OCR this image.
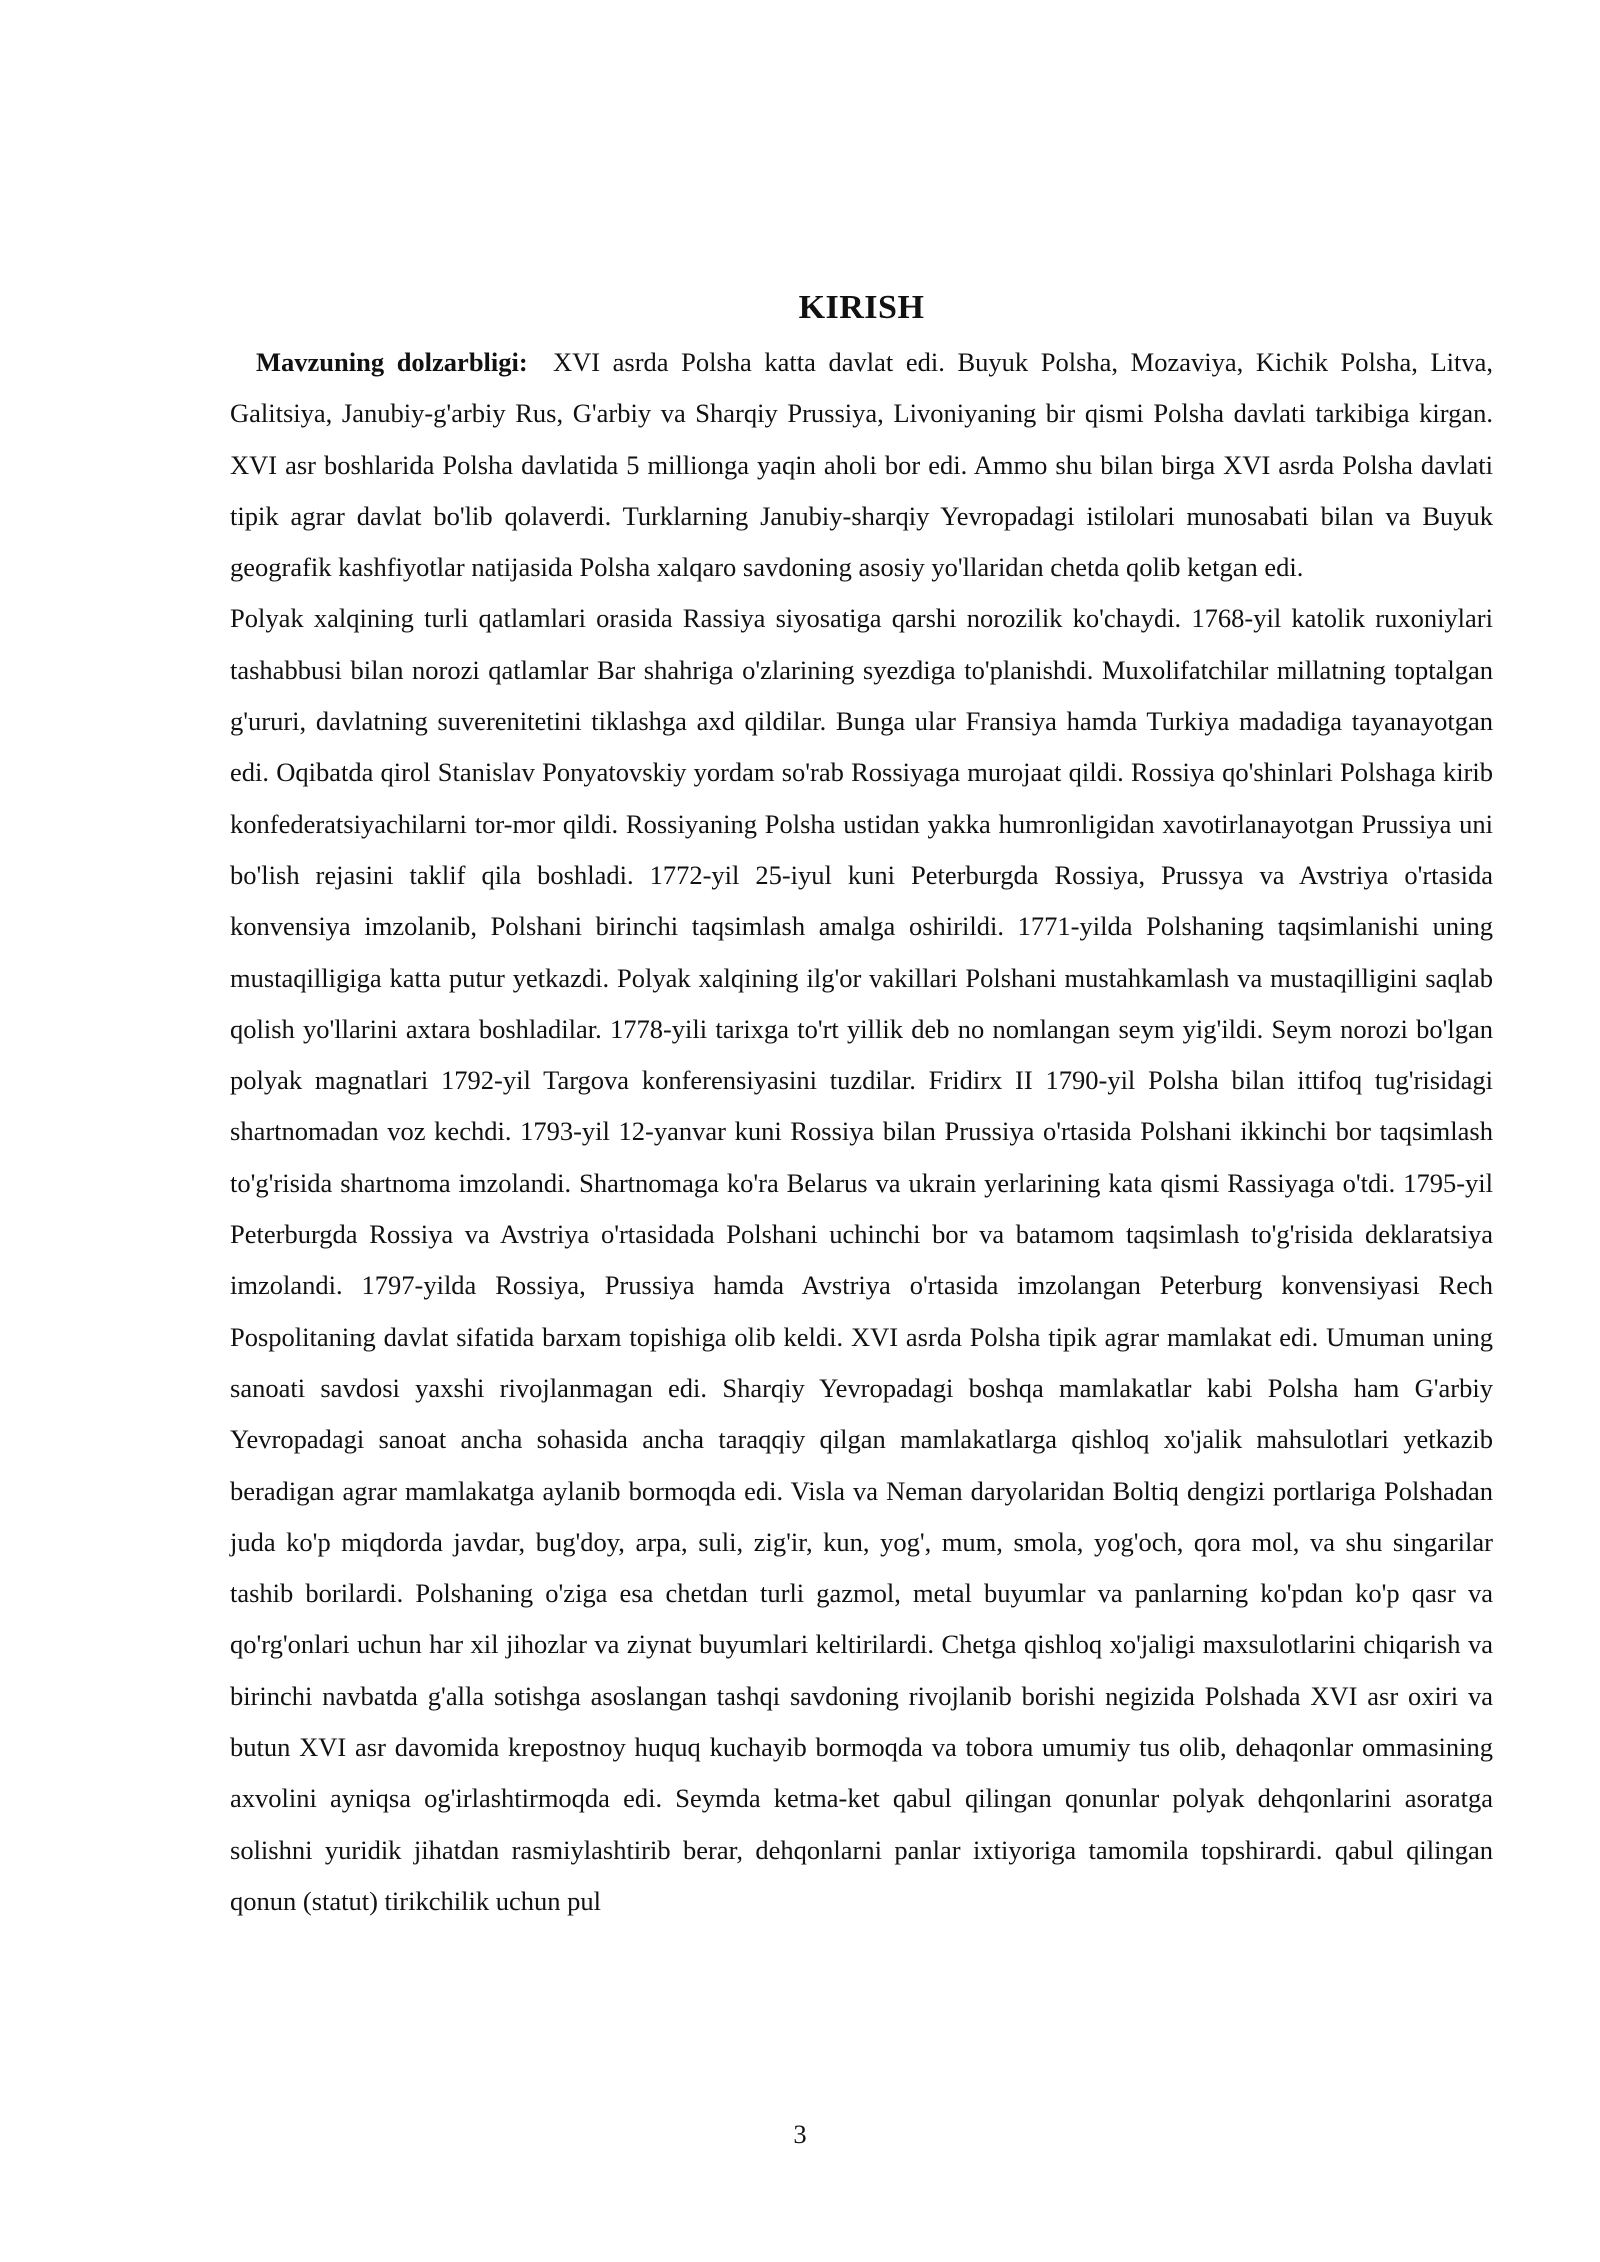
KIRISH

Mavzuning dolzarbligi: XVI asrda Polsha katta davlat edi. Buyuk Polsha, Mozaviya, Kichik Polsha, Litva, Galitsiya, Janubiy-g'arbiy Rus, G'arbiy va Sharqiy Prussiya, Livoniyaning bir qismi Polsha davlati tarkibiga kirgan. XVI asr boshlarida Polsha davlatida 5 millionga yaqin aholi bor edi. Ammo shu bilan birga XVI asrda Polsha davlati tipik agrar davlat bo'lib qolaverdi. Turklarning Janubiy-sharqiy Yevropadagi istilolari munosabati bilan va Buyuk geografik kashfiyotlar natijasida Polsha xalqaro savdoning asosiy yo'llaridan chetda qolib ketgan edi.

Polyak xalqining turli qatlamlari orasida Rassiya siyosatiga qarshi norozilik ko'chaydi. 1768-yil katolik ruxoniylari tashabbusi bilan norozi qatlamlar Bar shahriga o'zlarining syezdiga to'planishdi. Muxolifatchilar millatning toptalgan g'ururi, davlatning suverenitetini tiklashga axd qildilar. Bunga ular Fransiya hamda Turkiya madadiga tayanayotgan edi. Oqibatda qirol Stanislav Ponyatovskiy yordam so'rab Rossiyaga murojaat qildi. Rossiya qo'shinlari Polshaga kirib konfederatsiyachilarni tor-mor qildi. Rossiyaning Polsha ustidan yakka humronligidan xavotirlanayotgan Prussiya uni bo'lish rejasini taklif qila boshladi. 1772-yil 25-iyul kuni Peterburgda Rossiya, Prussya va Avstriya o'rtasida konvensiya imzolanib, Polshani birinchi taqsimlash amalga oshirildi. 1771-yilda Polshaning taqsimlanishi uning mustaqilligiga katta putur yetkazdi. Polyak xalqining ilg'or vakillari Polshani mustahkamlash va mustaqilligini saqlab qolish yo'llarini axtara boshladilar. 1778-yili tarixga to'rt yillik deb no nomlangan seym yig'ildi. Seym norozi bo'lgan polyak magnatlari 1792-yil Targova konferensiyasini tuzdilar. Fridirx II 1790-yil Polsha bilan ittifoq tug'risidagi shartnomadan voz kechdi. 1793-yil 12-yanvar kuni Rossiya bilan Prussiya o'rtasida Polshani ikkinchi bor taqsimlash to'g'risida shartnoma imzolandi. Shartnomaga ko'ra Belarus va ukrain yerlarining kata qismi Rassiyaga o'tdi. 1795-yil Peterburgda Rossiya va Avstriya o'rtasidada Polshani uchinchi bor va batamom taqsimlash to'g'risida deklaratsiya imzolandi. 1797-yilda Rossiya, Prussiya hamda Avstriya o'rtasida imzolangan Peterburg konvensiyasi Rech Pospolitaning davlat sifatida barxam topishiga olib keldi. XVI asrda Polsha tipik agrar mamlakat edi. Umuman uning sanoati savdosi yaxshi rivojlanmagan edi. Sharqiy Yevropadagi boshqa mamlakatlar kabi Polsha ham G'arbiy Yevropadagi sanoat ancha sohasida ancha taraqqiy qilgan mamlakatlarga qishloq xo'jalik mahsulotlari yetkazib beradigan agrar mamlakatga aylanib bormoqda edi. Visla va Neman daryolaridan Boltiq dengizi portlariga Polshadan juda ko'p miqdorda javdar, bug'doy, arpa, suli, zig'ir, kun, yog', mum, smola, yog'och, qora mol, va shu singarilar tashib borilardi. Polshaning o'ziga esa chetdan turli gazmol, metal buyumlar va panlarning ko'pdan ko'p qasr va qo'rg'onlari uchun har xil jihozlar va ziynat buyumlari keltirilardi. Chetga qishloq xo'jaligi maxsulotlarini chiqarish va birinchi navbatda g'alla sotishga asoslangan tashqi savdoning rivojlanib borishi negizida Polshada XVI asr oxiri va butun XVI asr davomida krepostnoy huquq kuchayib bormoqda va tobora umumiy tus olib, dehaqonlar ommasining axvolini ayniqsa og'irlashtirmoqda edi. Seymda ketma-ket qabul qilingan qonunlar polyak dehqonlarini asoratga solishni yuridik jihatdan rasmiylashtirib berar, dehqonlarni panlar ixtiyoriga tamomila topshirardi. qabul qilingan qonun (statut) tirikchilik uchun pul

3
